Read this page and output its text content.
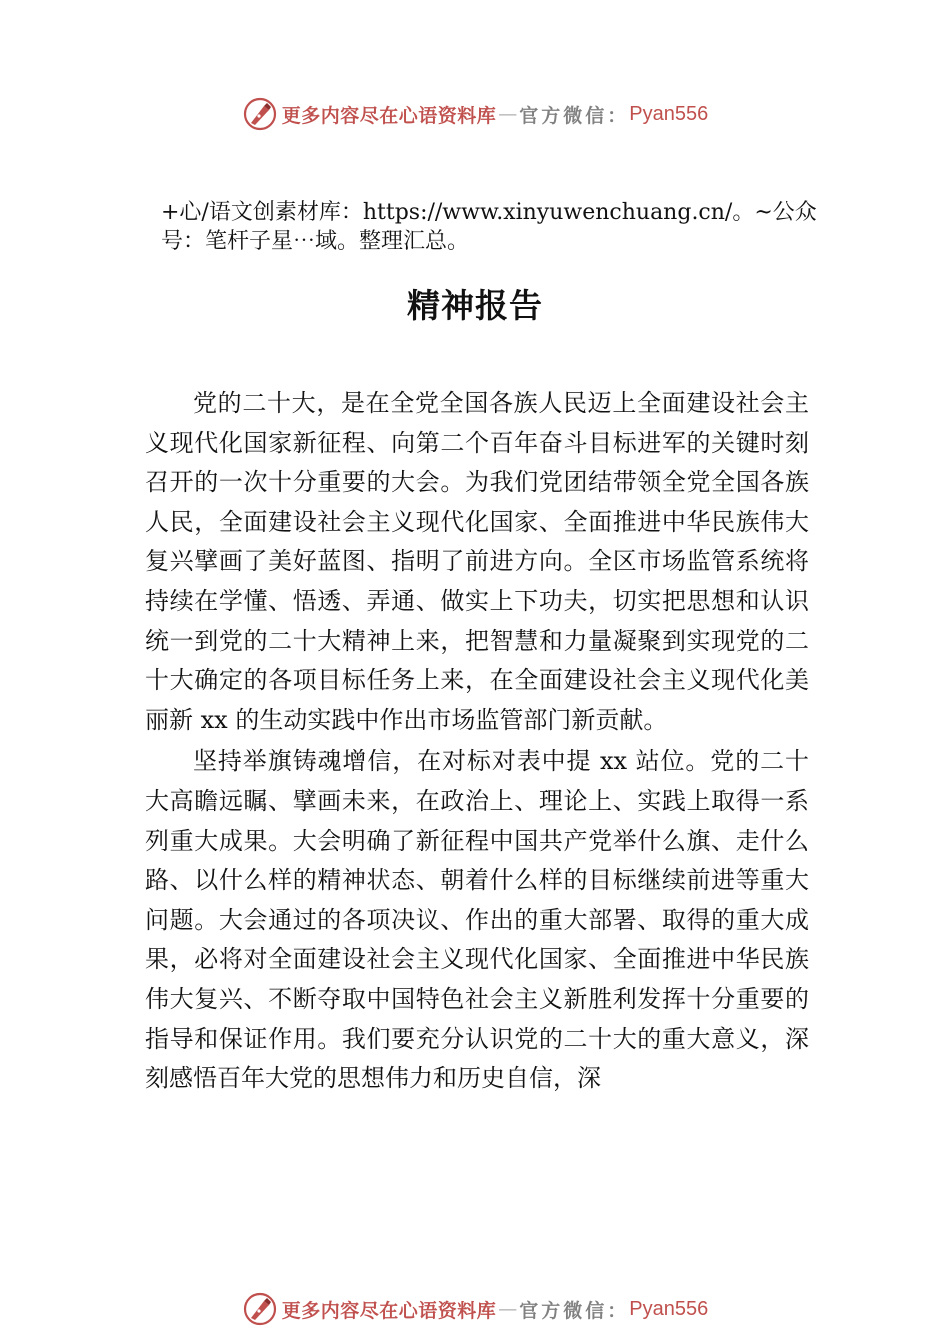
更多内容尽在心语资料库 — 官方微信： Pyan556
+心/语文创素材库：https://www.xinyuwenchuang.cn/。~公众号：笔杆子星⋯域。整理汇总。
精神报告

党的二十大，是在全党全国各族人民迈上全面建设社会主义现代化国家新征程、向第二个百年奋斗目标进军的关键时刻召开的一次十分重要的大会。为我们党团结带领全党全国各族人民，全面建设社会主义现代化国家、全面推进中华民族伟大复兴擘画了美好蓝图、指明了前进方向。全区市场监管系统将持续在学懂、悟透、弄通、做实上下功夫，切实把思想和认识统一到党的二十大精神上来，把智慧和力量凝聚到实现党的二十大确定的各项目标任务上来，在全面建设社会主义现代化美丽新 xx 的生动实践中作出市场监管部门新贡献。

坚持举旗铸魂增信，在对标对表中提 xx 站位。党的二十大高瞻远瞩、擘画未来，在政治上、理论上、实践上取得一系列重大成果。大会明确了新征程中国共产党举什么旗、走什么路、以什么样的精神状态、朝着什么样的目标继续前进等重大问题。大会通过的各项决议、作出的重大部署、取得的重大成果，必将对全面建设社会主义现代化国家、全面推进中华民族伟大复兴、不断夺取中国特色社会主义新胜利发挥十分重要的指导和保证作用。我们要充分认识党的二十大的重大意义，深刻感悟百年大党的思想伟力和历史自信，深

更多内容尽在心语资料库 — 官方微信： Pyan556
